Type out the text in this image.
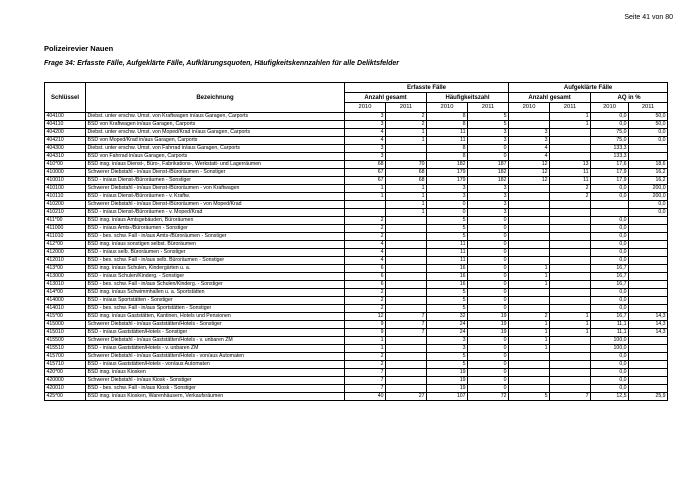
Seite 41 von 80
Polizeirevier Nauen
Frage 34: Erfasste Fälle, Aufgeklärte Fälle, Aufklärungsquoten, Häufigkeitskennzahlen für alle Deliktsfelder
Schlüssel	Bezeichnung	Erfasste Fälle				Aufgeklärte Fälle			
		Anzahl gesamt		Häufigkeitszahl		Anzahl gesamt		AQ in %	
		2010	2011	2010	2011	2010	2011	2010	2011
404100	Diebst. unter erschw. Umst. von Kraftwagen in/aus Garagen, Carports	3	2	8	5		1	0,0	50,0
404110	BSD von Kraftwagen in/aus Garagen, Carports	3	2	8	5		1	0,0	50,0
404200	Diebst. unter erschw. Umst. von Moped/Krad in/aus Garagen, Carports	4	1	11	3	3		75,0	0,0
404210	BSD von Moped/Krad in/aus Garagen, Carports	4	1	11	3	3		75,0	0,0
404300	Diebst. unter erschw. Umst. von Fahrrad in/aus Garagen, Carports	3		8	0	4		133,3	
404310	BSD von Fahrrad in/aus Garagen, Carports	3		8	0	4		133,3	
410*00	BSD insg. in/aus Dienst-, Büro-, Fabrikations-, Werkstatt- und Lagerräumen	68	70	182	187	12	13	17,6	18,6
410000	Schwerer Diebstahl - in/aus Dienst-/Büroräumen - Sonstiger	67	68	179	182	12	11	17,9	16,2
410010	BSD - in/aus Dienst-/Büroräumen - Sonstiger	67	68	179	182	12	11	17,9	16,2
410100	Schwerer Diebstahl - in/aus Dienst-/Büroräumen - von Kraftwagen	1	1	3	3		2	0,0	200,0
410110	BSD - in/aus Dienst-/Büroräumen - v. Kraftw.	1	1	3	3		2	0,0	200,0
410200	Schwerer Diebstahl - in/aus Dienst-/Büroräumen - von Moped/Krad		1	0	3				0,0
410210	BSD - in/aus Dienst-/Büroräumen - v. Moped/Krad		1	0	3				0,0
411*00	BSD insg. in/aus Amtsgebäuden, Büroräumen	2		5	0			0,0	
411000	BSD - in/aus Amts-/Büroräumen - Sonstiger	2		5	0			0,0	
411010	BSD - bes. schw. Fall - in/aus Amts-/Büroräumen - Sonstiger	2		5	0			0,0	
412*00	BSD insg. in/aus sonstigen selbst. Büroräumen	4		11	0			0,0	
412000	BSD - in/aus selb. Büroräumen - Sonstiger	4		11	0			0,0	
412010	BSD - bes. schw. Fall - in/aus selb. Büroräumen - Sonstiger	4		11	0			0,0	
413*00	BSD insg. in/aus Schulen, Kindergärten u. a.	6		16	0	1		16,7	
413000	BSD - in/aus Schulen/Kinderg. - Sonstiger	6		16	0	1		16,7	
413010	BSD - bes. schw. Fall - in/aus Schulen/Kinderg. - Sonstiger	6		16	0	1		16,7	
414*00	BSD insg. in/aus Schwimmhallen u. a. Sportstätten	2		5	0			0,0	
414000	BSD - in/aus Sportstätten - Sonstiger	2		5	0			0,0	
414010	BSD - bes. schw. Fall - in/aus Sportstätten - Sonstiger	2		5	0			0,0	
415*00	BSD insg. in/aus Gaststätten, Kantinen, Hotels und Pensionen	12	7	32	19	2	1	16,7	14,3
415000	Schwerer Diebstahl - in/aus Gaststätten/Hotels - Sonstiger	9	7	24	19	1	1	11,1	14,3
415010	BSD - in/aus Gaststätten/Hotels - Sonstiger	9	7	24	19	1	1	11,1	14,3
415500	Schwerer Diebstahl - in/aus Gaststätten/Hotels - v. unbaren ZM	1		3	0	1		100,0	
415510	BSD - in/aus Gaststätten/Hotels - v. unbaren ZM	1		3	0	1		100,0	
415700	Schwerer Diebstahl - in/aus Gaststätten/Hotels - von/aus Automaten	2		5	0			0,0	
415710	BSD - in/aus Gaststätten/Hotels - von/aus Automaten	2		5	0			0,0	
420*00	BSD insg. in/aus Kiosken	7		19	0			0,0	
420000	Schwerer Diebstahl - in/aus Kiosk - Sonstiger	7		19	0			0,0	
420010	BSD - bes. schw. Fall - in/aus Kiosk - Sonstiger	7		19	0			0,0	
425*00	BSD insg. in/aus Kiosken, Warenhäusern, Verkaufsräumen	40	27	107	72	5	7	12,5	25,9
